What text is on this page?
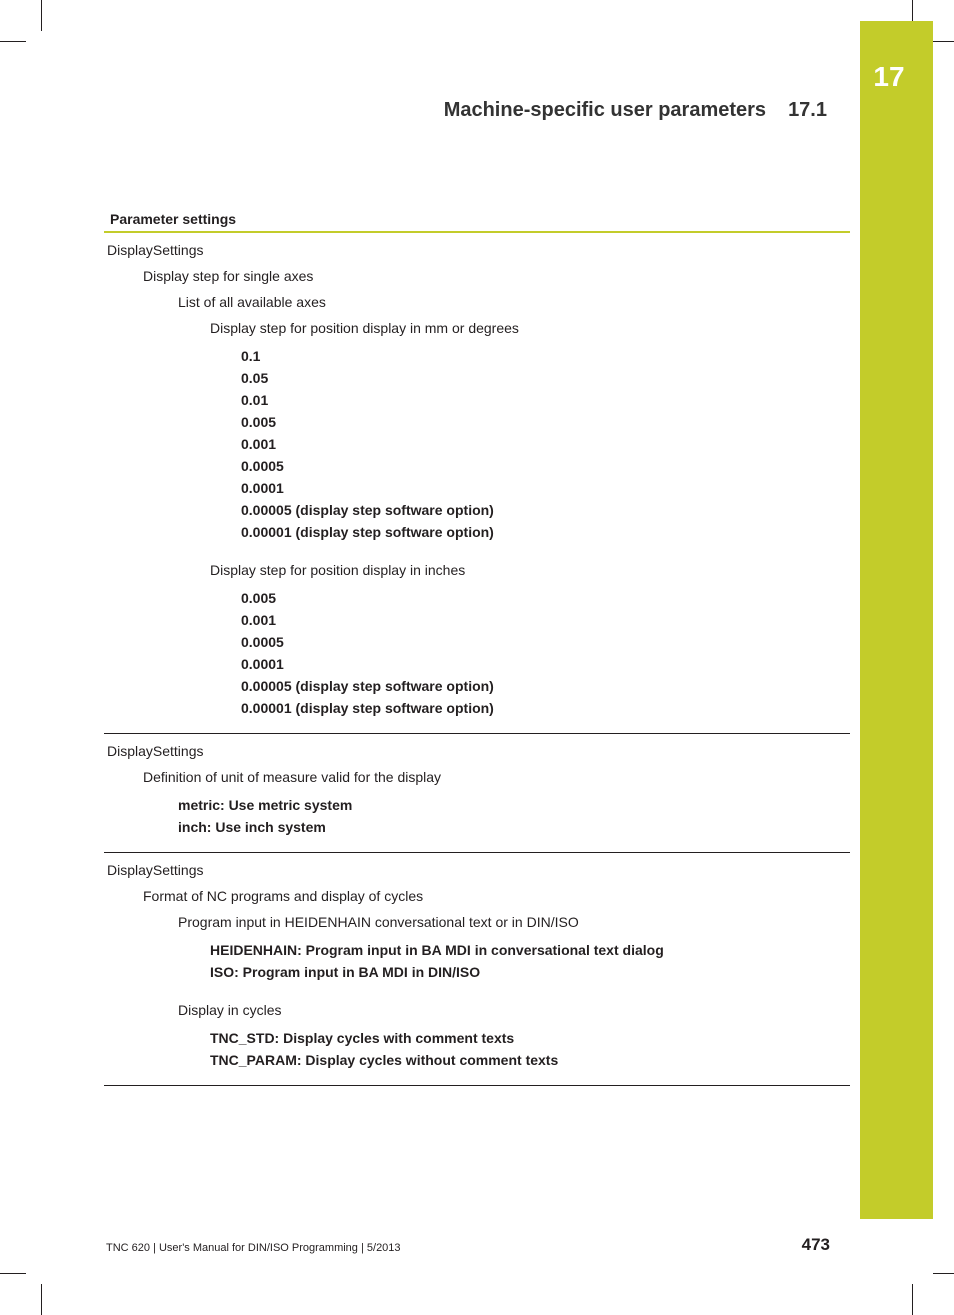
17
Machine-specific user parameters 17.1
Parameter settings
DisplaySettings
Display step for single axes
List of all available axes
Display step for position display in mm or degrees
0.1
0.05
0.01
0.005
0.001
0.0005
0.0001
0.00005 (display step software option)
0.00001 (display step software option)
Display step for position display in inches
0.005
0.001
0.0005
0.0001
0.00005 (display step software option)
0.00001 (display step software option)
DisplaySettings
Definition of unit of measure valid for the display
metric: Use metric system
inch: Use inch system
DisplaySettings
Format of NC programs and display of cycles
Program input in HEIDENHAIN conversational text or in DIN/ISO
HEIDENHAIN: Program input in BA MDI in conversational text dialog
ISO: Program input in BA MDI in DIN/ISO
Display in cycles
TNC_STD: Display cycles with comment texts
TNC_PARAM: Display cycles without comment texts
TNC 620 | User's Manual for DIN/ISO Programming | 5/2013	473
